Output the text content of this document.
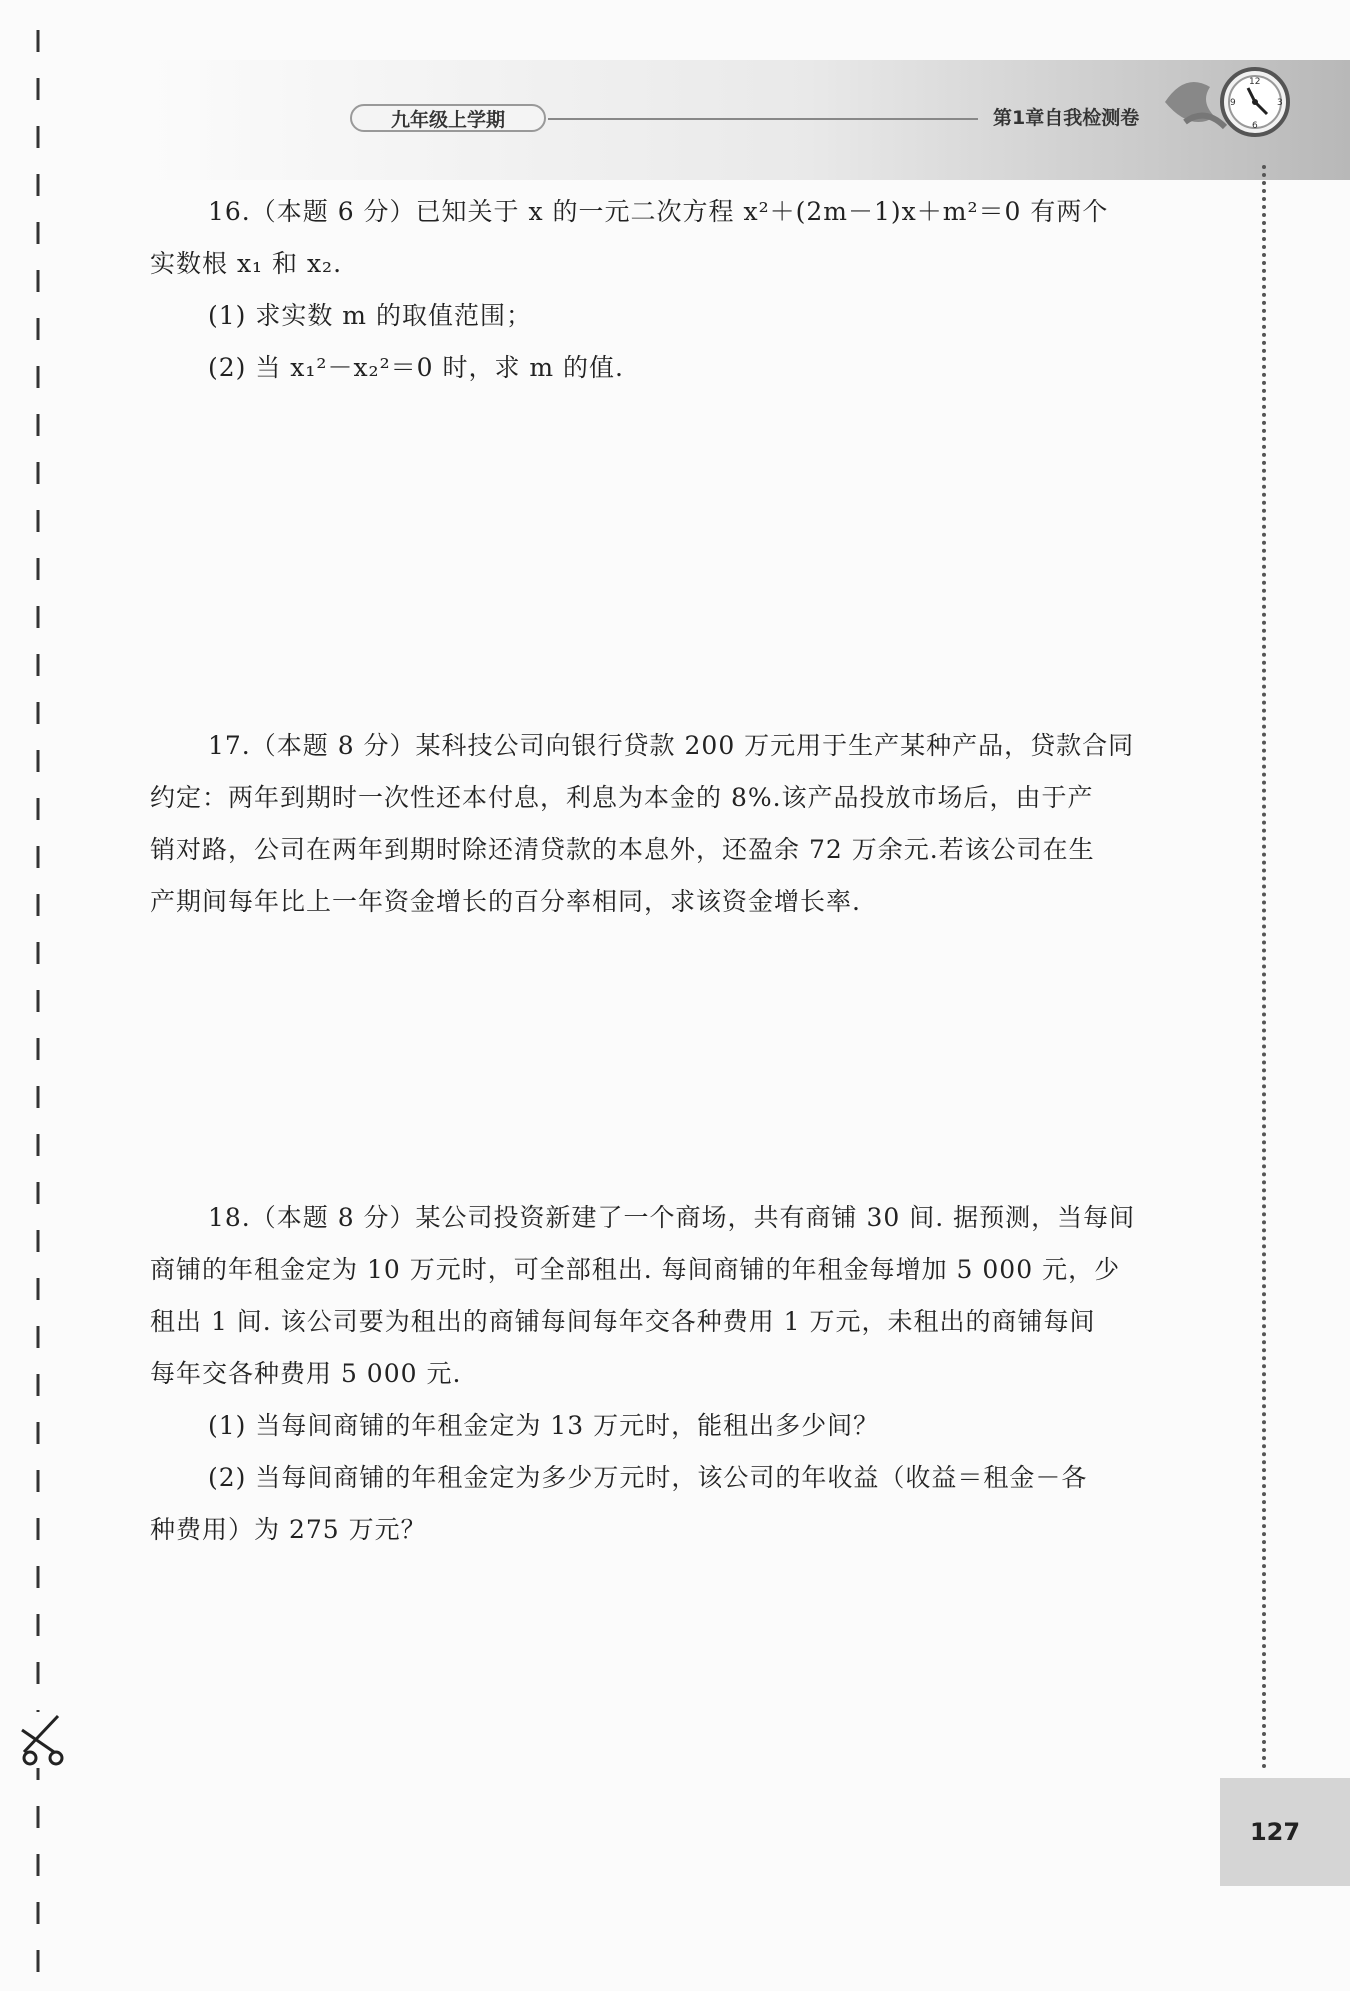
九年级上学期	第1章自我检测卷
12
3
6
9

16.（本题 6 分）已知关于 x 的一元二次方程 x²＋(2m－1)x＋m²＝0 有两个

实数根 x₁ 和 x₂.

(1) 求实数 m 的取值范围；

(2) 当 x₁²－x₂²＝0 时，求 m 的值.

17.（本题 8 分）某科技公司向银行贷款 200 万元用于生产某种产品，贷款合同

约定：两年到期时一次性还本付息，利息为本金的 8%.该产品投放市场后，由于产

销对路，公司在两年到期时除还清贷款的本息外，还盈余 72 万余元.若该公司在生

产期间每年比上一年资金增长的百分率相同，求该资金增长率.

18.（本题 8 分）某公司投资新建了一个商场，共有商铺 30 间. 据预测，当每间

商铺的年租金定为 10 万元时，可全部租出. 每间商铺的年租金每增加 5 000 元，少

租出 1 间. 该公司要为租出的商铺每间每年交各种费用 1 万元，未租出的商铺每间

每年交各种费用 5 000 元.

(1) 当每间商铺的年租金定为 13 万元时，能租出多少间？

(2) 当每间商铺的年租金定为多少万元时，该公司的年收益（收益＝租金－各

种费用）为 275 万元？

127
